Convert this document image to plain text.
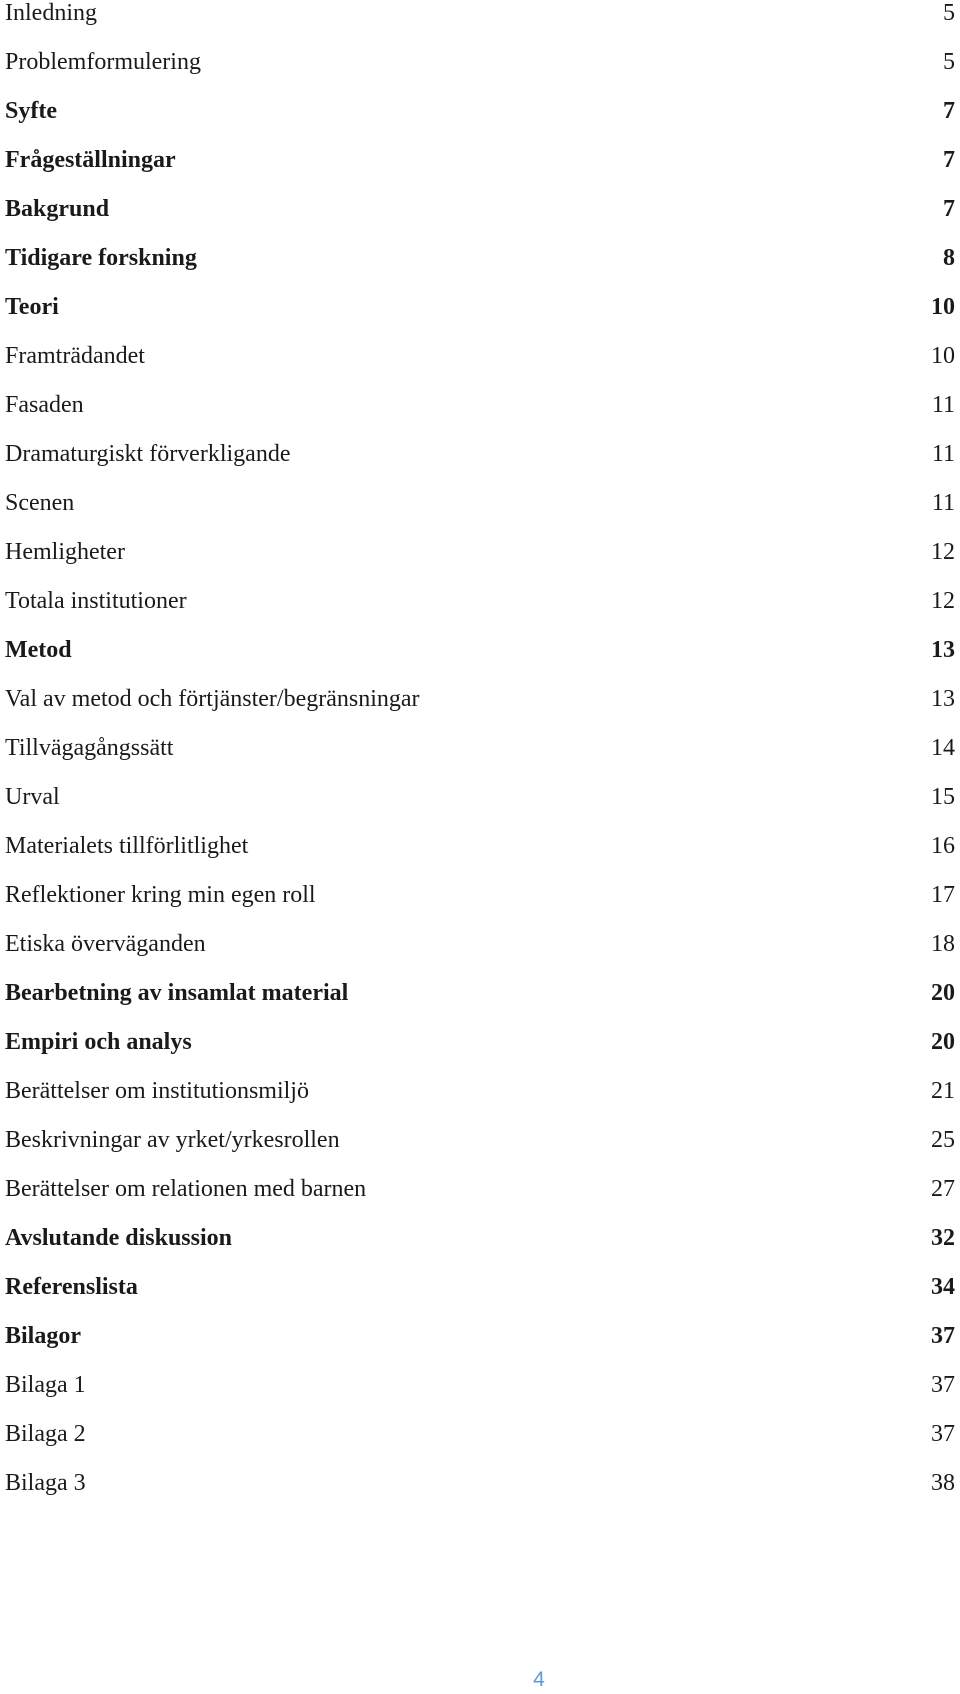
Inledning	5
Problemformulering	5
Syfte	7
Frågeställningar	7
Bakgrund	7
Tidigare forskning	8
Teori	10
Framträdandet	10
Fasaden	11
Dramaturgiskt förverkligande	11
Scenen	11
Hemligheter	12
Totala institutioner	12
Metod	13
Val av metod och förtjänster/begränsningar	13
Tillvägagångssätt	14
Urval	15
Materialets tillförlitlighet	16
Reflektioner kring min egen roll	17
Etiska överväganden	18
Bearbetning av insamlat material	20
Empiri och analys	20
Berättelser om institutionsmiljö	21
Beskrivningar av yrket/yrkesrollen	25
Berättelser om relationen med barnen	27
Avslutande diskussion	32
Referenslista	34
Bilagor	37
Bilaga 1	37
Bilaga 2	37
Bilaga 3	38
4
